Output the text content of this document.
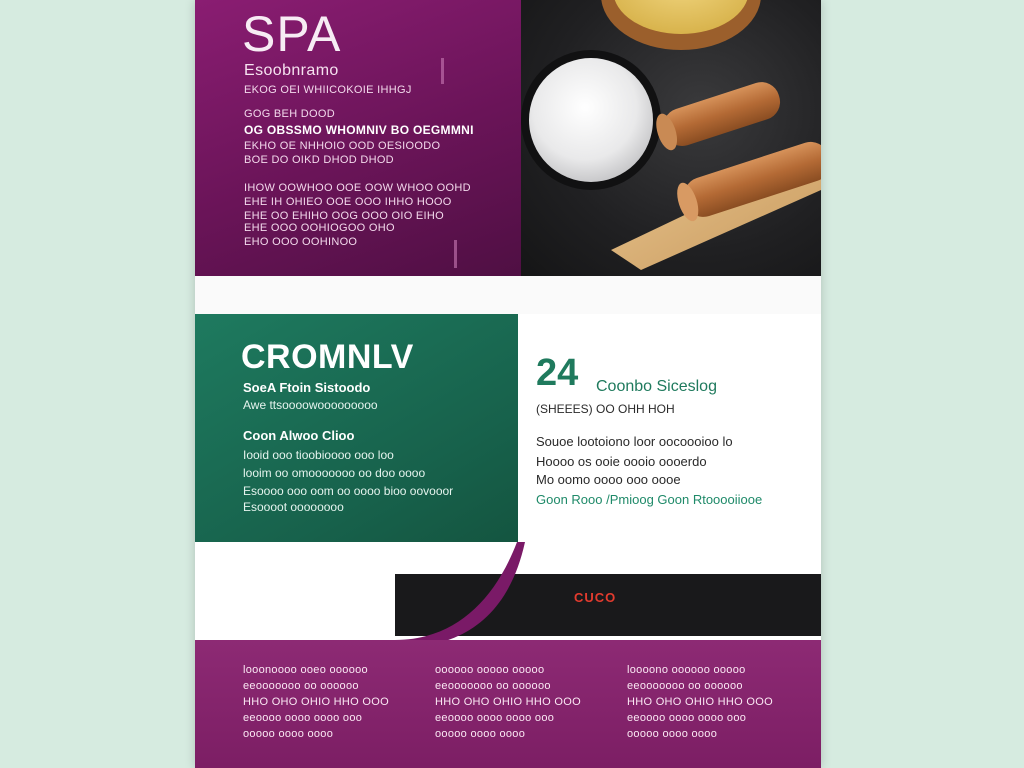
SPA
Esoobnramo
EKOG OEI WHIICOKOIE IHHGJ
GOG BEH DOOD
OG OBSSMO WHOMNIV BO OEGMMNI
EKHO OE NHHOIO OOD OESIOODO
BOE DO OIKD DHOD DHOD
IHOW OOWHOO OOE OOW WHOO OOHD
EHE IH OHIEO OOE OOO IHHO HOOO
EHE OO EHIHO OOG OOO OIO EIHO
EHE OOO OOHIOGOO OHO
EHO OOO OOHINOO
CROMNLV
SoeA Ftoin Sistoodo
Awe ttsoooowooooooooo
Coon Alwoo Clioo
Iooid ooo tioobioooo ooo loo
looim oo omooooooo oo doo oooo
Esoooo ooo oom oo oooo bioo oovooor
Esoooot oooooooo
24 Coonbo Siceslog
(SHEEES) OO OHH HOH
Souoe lootoiono loor oocoooioo lo
Hoooo os ooie oooio oooerdo
Mo oomo oooo ooo oooe
Goon Rooo /Pmioog Goon Rtooooiiooe
CUCO
looonoooo ooeo oooooo
eeooooooo oo oooooo
HHO OHO OHIO HHO OOO
eeoooo oooo oooo ooo
ooooo oooo oooo
oooooo ooooo ooooo
eeooooooo oo oooooo
HHO OHO OHIO HHO OOO
eeoooo oooo oooo ooo
ooooo oooo oooo
loooono oooooo ooooo
eeooooooo oo oooooo
HHO OHO OHIO HHO OOO
eeoooo oooo oooo ooo
ooooo oooo oooo
